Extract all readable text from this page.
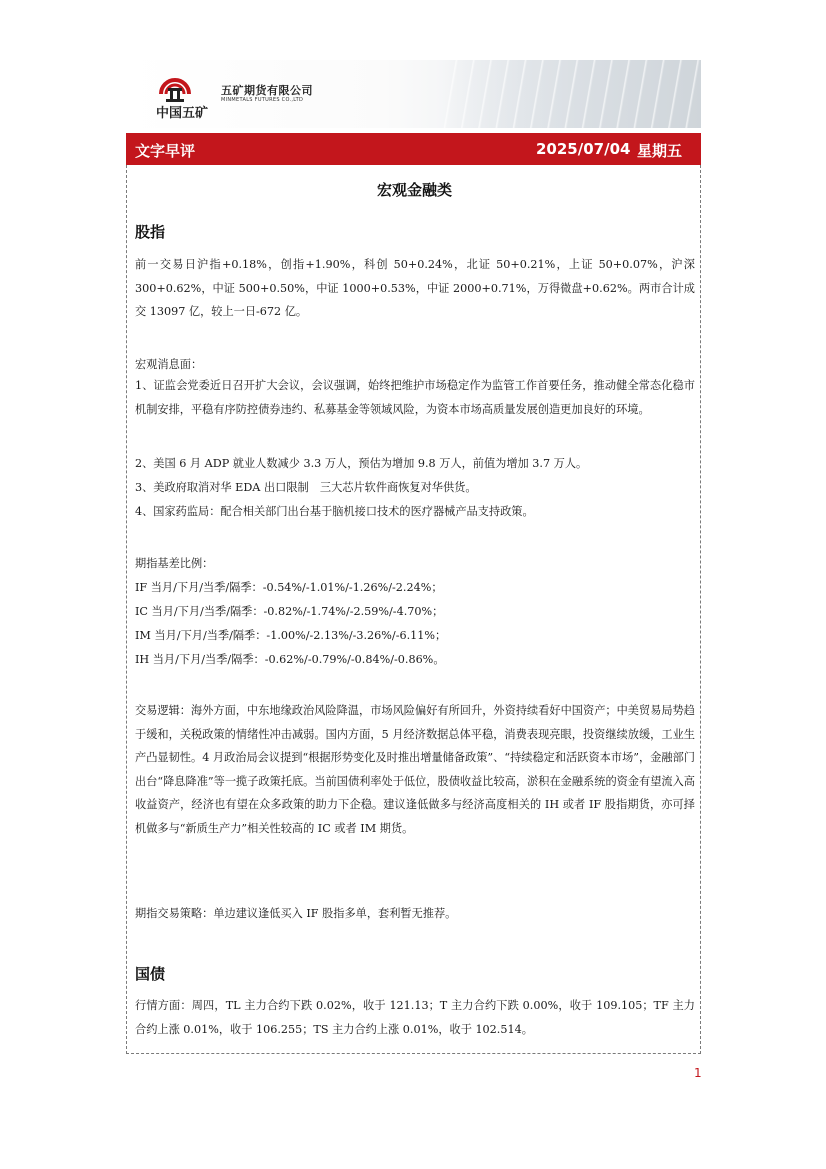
中国五矿
五矿期货有限公司
MINMETALS FUTURES CO.,LTD
文字早评	2025/07/04 星期五
宏观金融类
股指
前一交易日沪指+0.18%，创指+1.90%，科创 50+0.24%，北证 50+0.21%，上证 50+0.07%，沪深 300+0.62%，中证 500+0.50%，中证 1000+0.53%，中证 2000+0.71%，万得微盘+0.62%。两市合计成交 13097 亿，较上一日-672 亿。
宏观消息面：
1、证监会党委近日召开扩大会议，会议强调，始终把维护市场稳定作为监管工作首要任务，推动健全常态化稳市机制安排，平稳有序防控债券违约、私募基金等领域风险，为资本市场高质量发展创造更加良好的环境。
2、美国 6 月 ADP 就业人数减少 3.3 万人，预估为增加 9.8 万人，前值为增加 3.7 万人。
3、美政府取消对华 EDA 出口限制　三大芯片软件商恢复对华供货。
4、国家药监局：配合相关部门出台基于脑机接口技术的医疗器械产品支持政策。
期指基差比例：
IF 当月/下月/当季/隔季：-0.54%/-1.01%/-1.26%/-2.24%；
IC 当月/下月/当季/隔季：-0.82%/-1.74%/-2.59%/-4.70%；
IM 当月/下月/当季/隔季：-1.00%/-2.13%/-3.26%/-6.11%；
IH 当月/下月/当季/隔季：-0.62%/-0.79%/-0.84%/-0.86%。
交易逻辑：海外方面，中东地缘政治风险降温，市场风险偏好有所回升，外资持续看好中国资产；中美贸易局势趋于缓和，关税政策的情绪性冲击减弱。国内方面，5 月经济数据总体平稳，消费表现亮眼，投资继续放缓，工业生产凸显韧性。4 月政治局会议提到“根据形势变化及时推出增量储备政策”、“持续稳定和活跃资本市场”，金融部门出台“降息降准”等一揽子政策托底。当前国债利率处于低位，股债收益比较高，淤积在金融系统的资金有望流入高收益资产，经济也有望在众多政策的助力下企稳。建议逢低做多与经济高度相关的 IH 或者 IF 股指期货，亦可择机做多与“新质生产力”相关性较高的 IC 或者 IM 期货。
期指交易策略：单边建议逢低买入 IF 股指多单，套利暂无推荐。
国债
行情方面：周四，TL 主力合约下跌 0.02%，收于 121.13；T 主力合约下跌 0.00%，收于 109.105；TF 主力合约上涨 0.01%，收于 106.255；TS 主力合约上涨 0.01%，收于 102.514。
1
